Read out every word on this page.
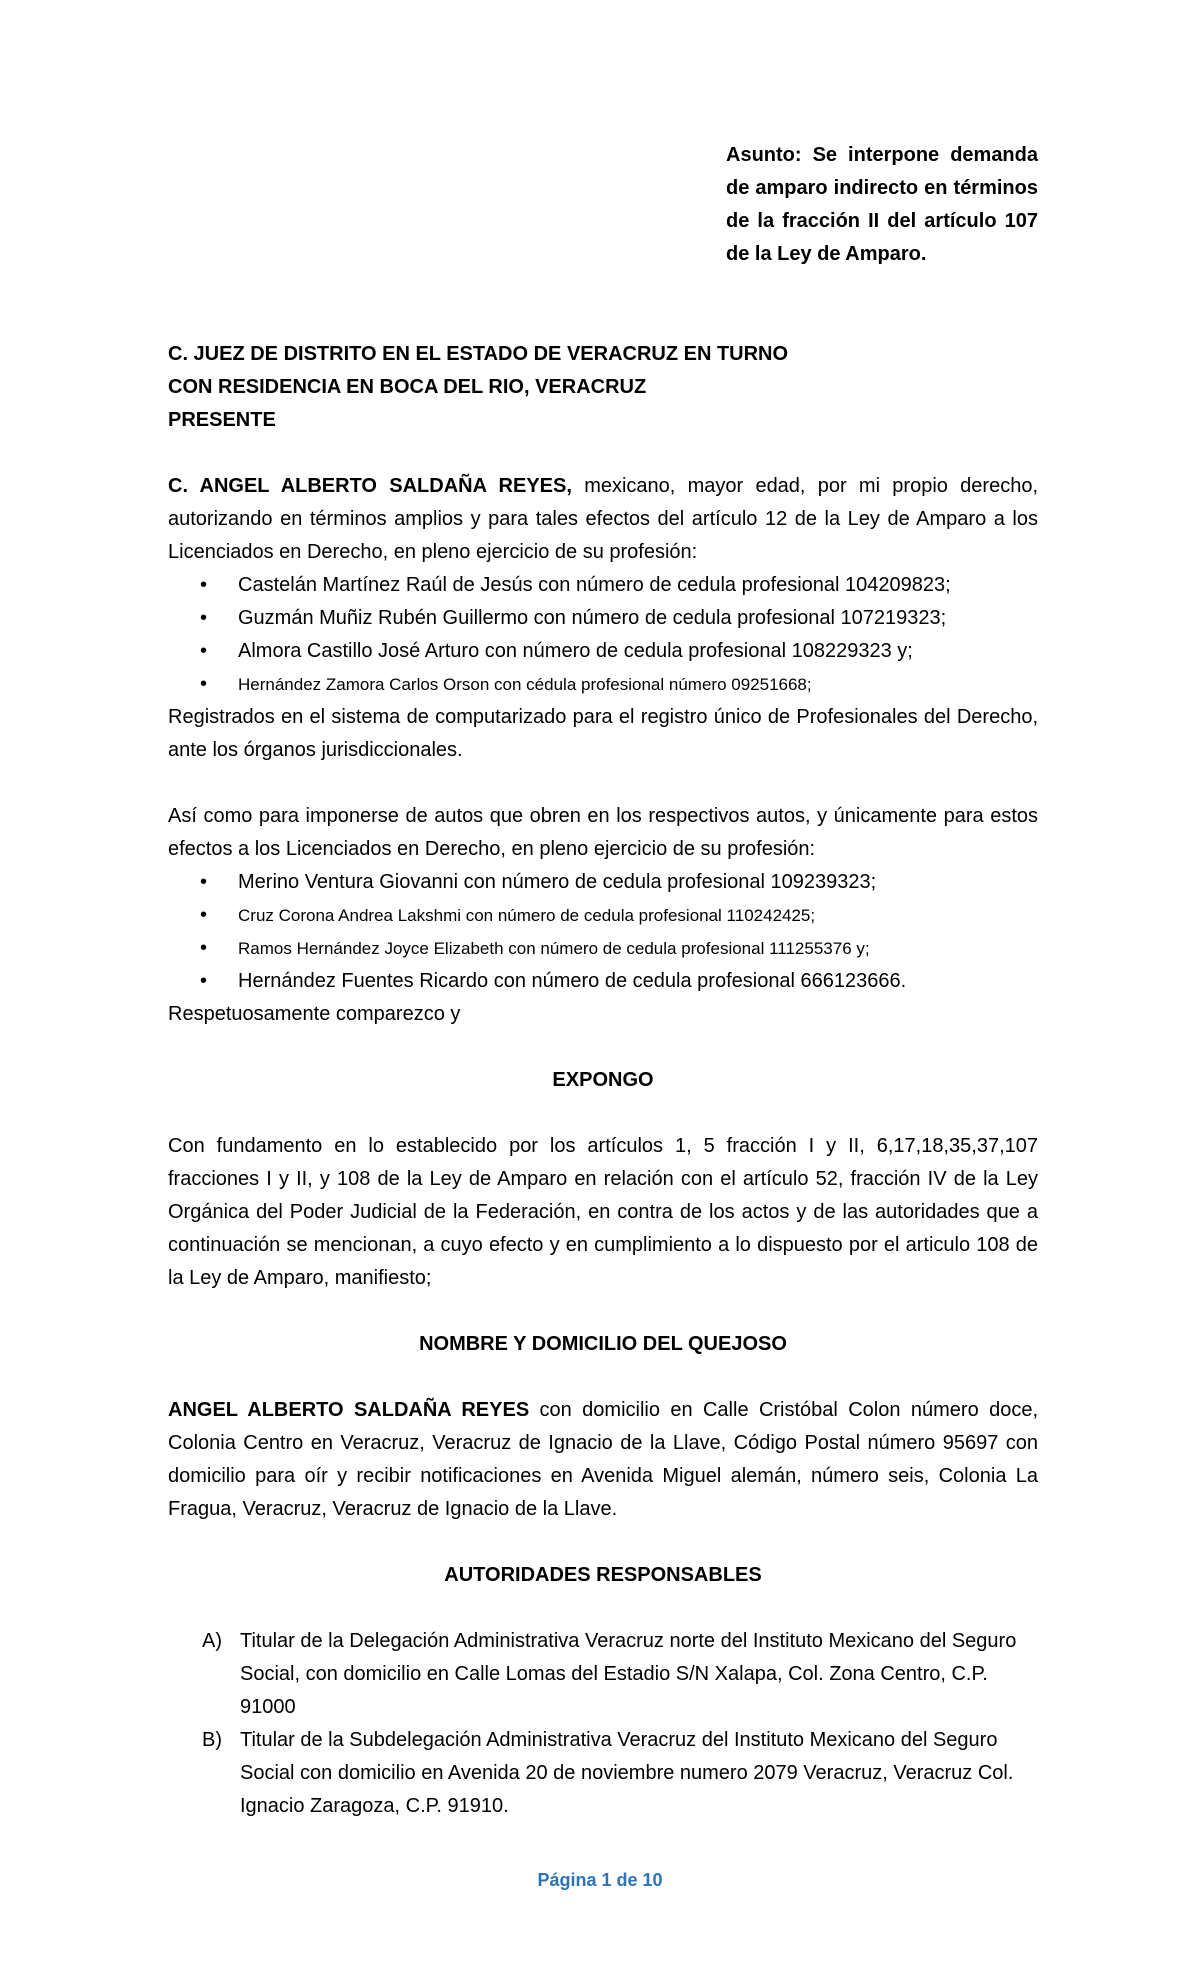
Asunto: Se interpone demanda de amparo indirecto en términos de la fracción II del artículo 107 de la Ley de Amparo.
C. JUEZ DE DISTRITO EN EL ESTADO DE VERACRUZ EN TURNO
CON RESIDENCIA EN BOCA DEL RIO, VERACRUZ
PRESENTE
C. ANGEL ALBERTO SALDAÑA REYES, mexicano, mayor edad, por mi propio derecho, autorizando en términos amplios y para tales efectos del artículo 12 de la Ley de Amparo a los Licenciados en Derecho, en pleno ejercicio de su profesión:
• Castelán Martínez Raúl de Jesús con número de cedula profesional 104209823;
• Guzmán Muñiz Rubén Guillermo con número de cedula profesional 107219323;
• Almora Castillo José Arturo con número de cedula profesional 108229323 y;
• Hernández Zamora Carlos Orson con cédula profesional número 09251668;
Registrados en el sistema de computarizado para el registro único de Profesionales del Derecho, ante los órganos jurisdiccionales.
Así como para imponerse de autos que obren en los respectivos autos, y únicamente para estos efectos a los Licenciados en Derecho, en pleno ejercicio de su profesión:
• Merino Ventura Giovanni con número de cedula profesional 109239323;
• Cruz Corona Andrea Lakshmi con número de cedula profesional 110242425;
• Ramos Hernández Joyce Elizabeth con número de cedula profesional 111255376 y;
• Hernández Fuentes Ricardo con número de cedula profesional 666123666.
Respetuosamente comparezco y
EXPONGO
Con fundamento en lo establecido por los artículos 1, 5 fracción I y II, 6,17,18,35,37,107 fracciones I y II, y 108 de la Ley de Amparo en relación con el artículo 52, fracción IV de la Ley Orgánica del Poder Judicial de la Federación, en contra de los actos y de las autoridades que a continuación se mencionan, a cuyo efecto y en cumplimiento a lo dispuesto por el articulo 108 de la Ley de Amparo, manifiesto;
NOMBRE Y DOMICILIO DEL QUEJOSO
ANGEL ALBERTO SALDAÑA REYES con domicilio en Calle Cristóbal Colon número doce, Colonia Centro en Veracruz, Veracruz de Ignacio de la Llave, Código Postal número 95697 con domicilio para oír y recibir notificaciones en Avenida Miguel alemán, número seis, Colonia La Fragua, Veracruz, Veracruz de Ignacio de la Llave.
AUTORIDADES RESPONSABLES
A) Titular de la Delegación Administrativa Veracruz norte del Instituto Mexicano del Seguro Social, con domicilio en Calle Lomas del Estadio S/N Xalapa, Col. Zona Centro, C.P. 91000
B) Titular de la Subdelegación Administrativa Veracruz del Instituto Mexicano del Seguro Social con domicilio en Avenida 20 de noviembre numero 2079 Veracruz, Veracruz Col. Ignacio Zaragoza, C.P. 91910.
Página 1 de 10
